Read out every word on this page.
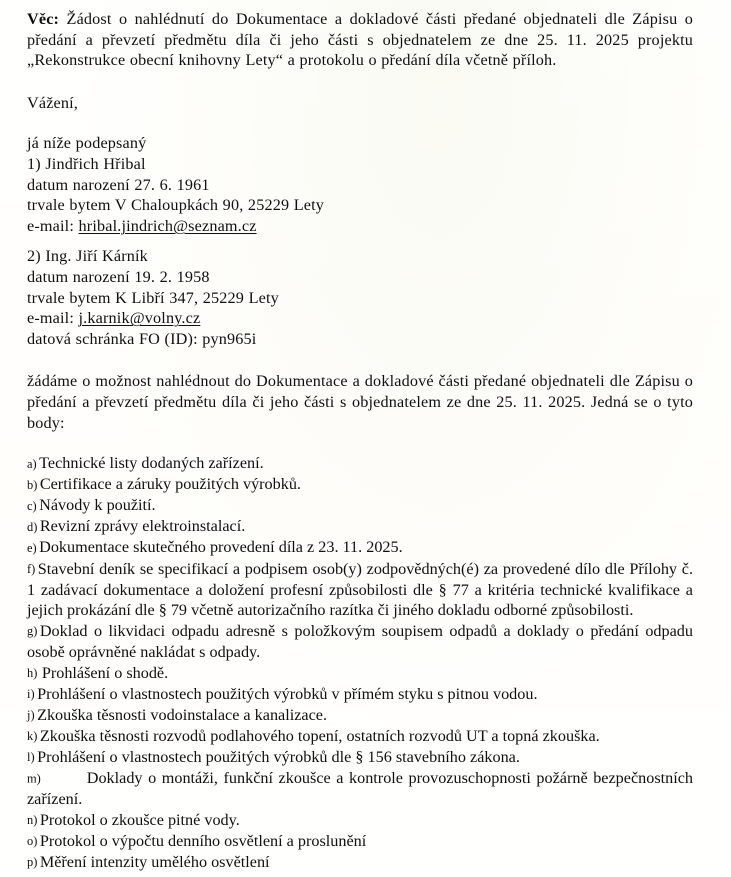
Věc: Žádost o nahlédnutí do Dokumentace a dokladové části předané objednateli dle Zápisu o předání a převzetí předmětu díla či jeho části s objednatelem ze dne 25. 11. 2025 projektu „Rekonstrukce obecní knihovny Lety“ a protokolu o předání díla včetně příloh.

Vážení,

já níže podepsaný

1) Jindřich Hřibal

datum narození 27. 6. 1961

trvale bytem V Chaloupkách 90, 25229 Lety

e-mail: hribal.jindrich@seznam.cz

2) Ing. Jiří Kárník

datum narození 19. 2. 1958

trvale bytem K Libří 347, 25229 Lety

e-mail: j.karnik@volny.cz

datová schránka FO (ID): pyn965i

žádáme o možnost nahlédnout do Dokumentace a dokladové části předané objednateli dle Zápisu o předání a převzetí předmětu díla či jeho části s objednatelem ze dne 25. 11. 2025. Jedná se o tyto body:

a) Technické listy dodaných zařízení.
b) Certifikace a záruky použitých výrobků.
c) Návody k použití.
d) Revizní zprávy elektroinstalací.
e) Dokumentace skutečného provedení díla z 23. 11. 2025.
f) Stavební deník se specifikací a podpisem osob(y) zodpovědných(é) za provedené dílo dle Přílohy č. 1 zadávací dokumentace a doložení profesní způsobilosti dle § 77 a kritéria technické kvalifikace a jejich prokázání dle § 79 včetně autorizačního razítka či jiného dokladu odborné způsobilosti.
g) Doklad o likvidaci odpadu adresně s položkovým soupisem odpadů a doklady o předání odpadu osobě oprávněné nakládat s odpady.
h) Prohlášení o shodě.
i) Prohlášení o vlastnostech použitých výrobků v přímém styku s pitnou vodou.
j) Zkouška těsnosti vodoinstalace a kanalizace.
k) Zkouška těsnosti rozvodů podlahového topení, ostatních rozvodů UT a topná zkouška.
l) Prohlášení o vlastnostech použitých výrobků dle § 156 stavebního zákona.
m)	Doklady o montáži, funkční zkoušce a kontrole provozuschopnosti požárně bezpečnostních zařízení.
n) Protokol o zkoušce pitné vody.
o) Protokol o výpočtu denního osvětlení a proslunění
p) Měření intenzity umělého osvětlení
